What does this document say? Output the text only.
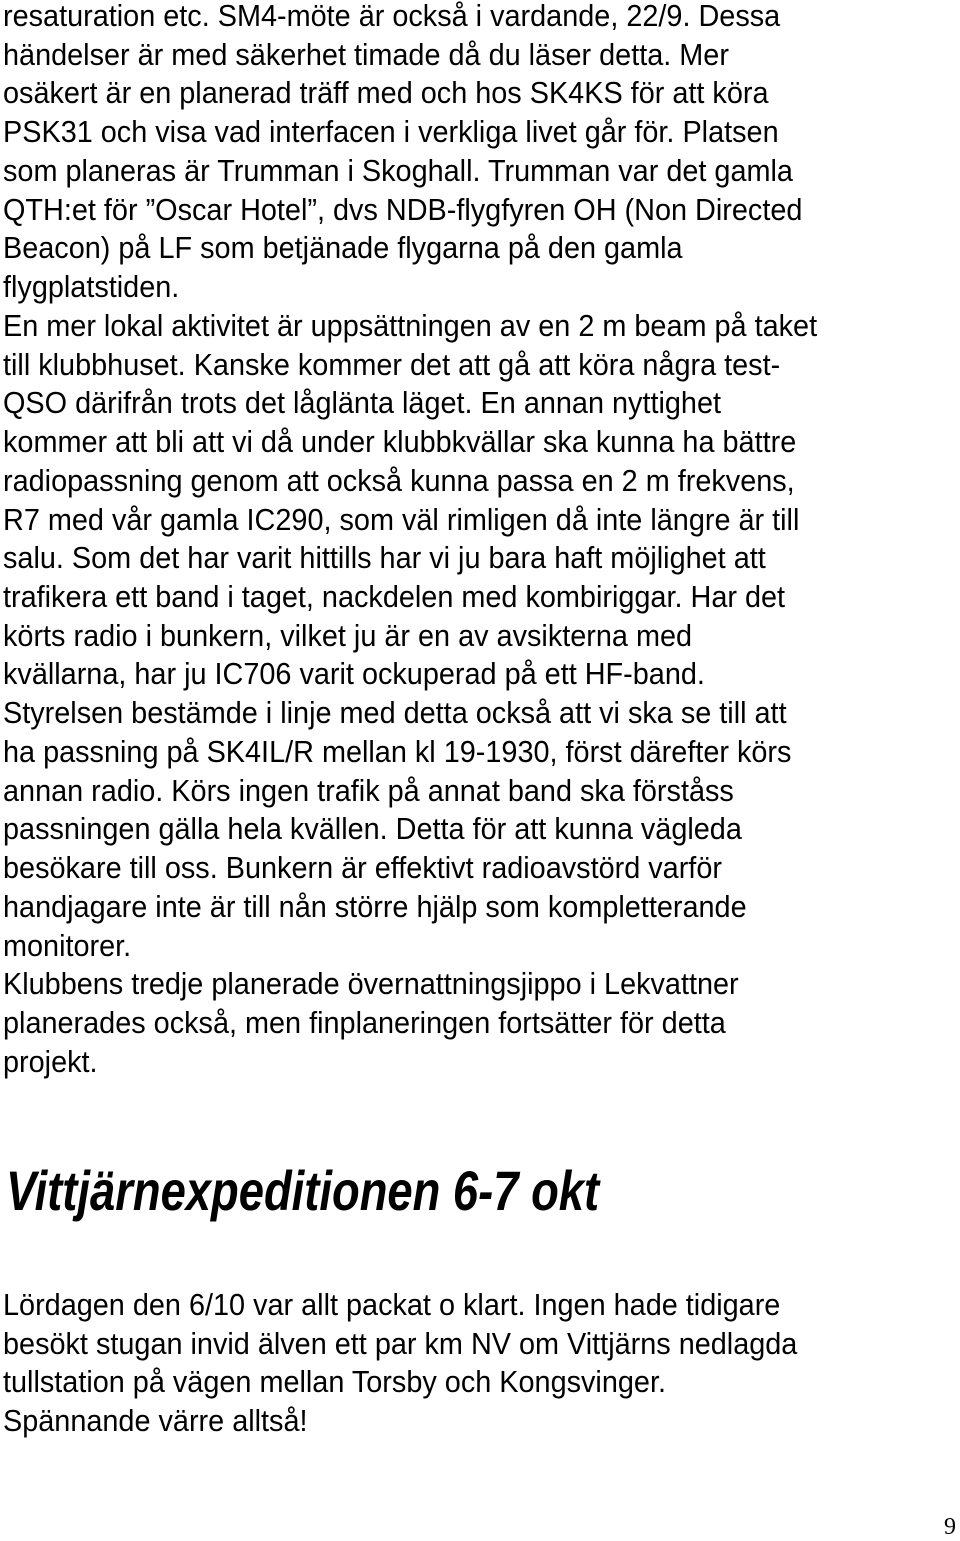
resaturation etc. SM4-möte är också i vardande, 22/9. Dessa
händelser är med säkerhet timade då du läser detta. Mer
osäkert är en planerad träff med och hos SK4KS för att köra
PSK31 och visa vad interfacen i verkliga livet går för. Platsen
som planeras är Trumman i Skoghall. Trumman var det gamla
QTH:et för ”Oscar Hotel”, dvs NDB-flygfyren OH (Non Directed
Beacon) på LF som betjänade flygarna på den gamla
flygplatstiden.
En mer lokal aktivitet är uppsättningen av en 2 m beam på taket
till klubbhuset. Kanske kommer det att gå att köra några test-
QSO därifrån trots det låglänta läget. En annan nyttighet
kommer att bli att vi då under klubbkvällar ska kunna ha bättre
radiopassning genom att också kunna passa en 2 m frekvens,
R7 med vår gamla IC290, som väl rimligen då inte längre är till
salu. Som det har varit hittills har vi ju bara haft möjlighet att
trafikera ett band i taget, nackdelen med kombiriggar. Har det
körts radio i bunkern, vilket ju är en av avsikterna med
kvällarna, har ju IC706 varit ockuperad på ett HF-band.
Styrelsen bestämde i linje med detta också att vi ska se till att
ha passning på SK4IL/R mellan kl 19-1930, först därefter körs
annan radio. Körs ingen trafik på annat band ska förståss
passningen gälla hela kvällen. Detta för att kunna vägleda
besökare till oss. Bunkern är effektivt radioavstörd varför
handjagare inte är till nån större hjälp som kompletterande
monitorer.
Klubbens tredje planerade övernattningsjippo i Lekvattner
planerades också, men finplaneringen fortsätter för detta
projekt.
Vittjärnexpeditionen 6-7 okt
Lördagen den 6/10 var allt packat o klart. Ingen hade tidigare
besökt stugan invid älven ett par km NV om Vittjärns nedlagda
tullstation på vägen mellan Torsby och Kongsvinger.
Spännande värre alltså!
9
